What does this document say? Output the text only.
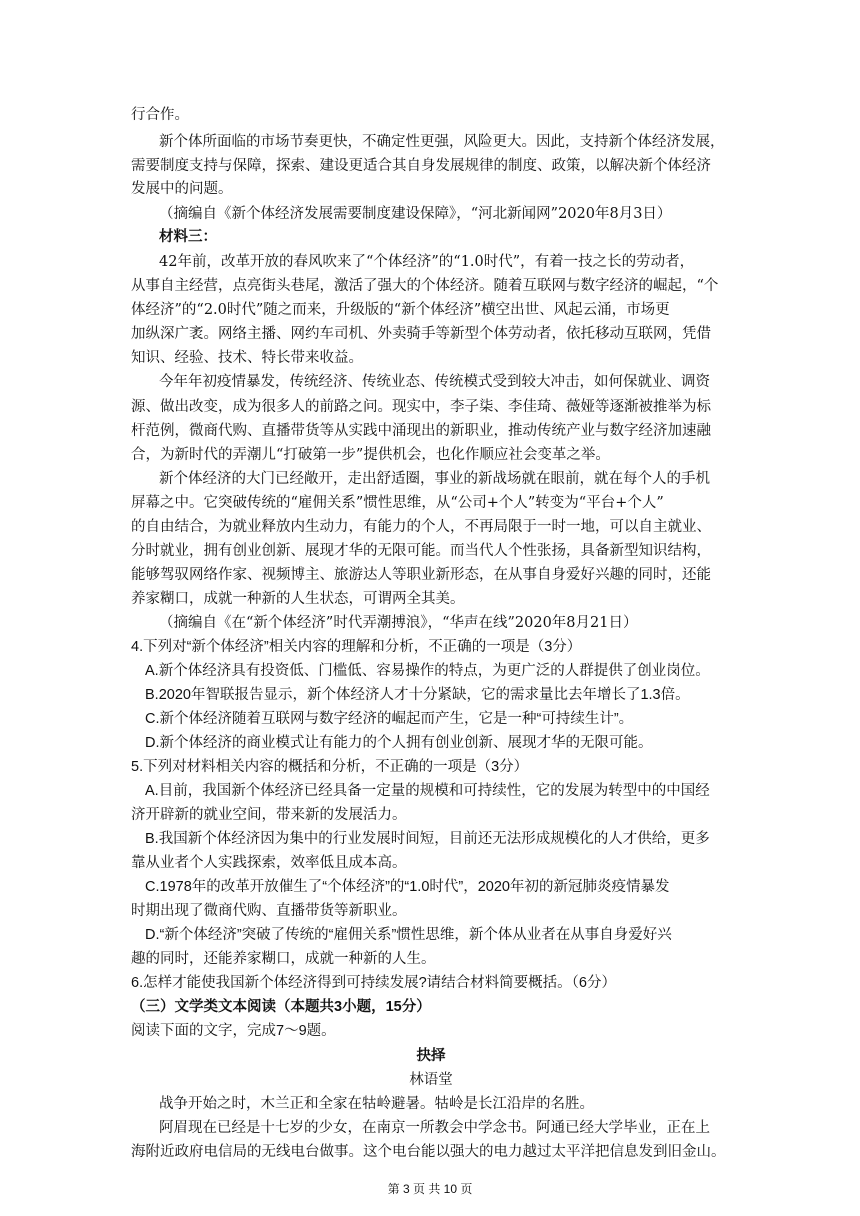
行合作。
新个体所面临的市场节奏更快，不确定性更强，风险更大。因此，支持新个体经济发展，
需要制度支持与保障，探索、建设更适合其自身发展规律的制度、政策，以解决新个体经济
发展中的问题。
（摘编自《新个体经济发展需要制度建设保障》，“河北新闻网”2020年8月3日）
材料三：
42年前，改革开放的春风吹来了“个体经济”的“1.0时代”，有着一技之长的劳动者，
从事自主经营，点亮街头巷尾，激活了强大的个体经济。随着互联网与数字经济的崛起，“个
体经济”的“2.0时代”随之而来，升级版的“新个体经济”横空出世、风起云涌，市场更
加纵深广袤。网络主播、网约车司机、外卖骑手等新型个体劳动者，依托移动互联网，凭借
知识、经验、技术、特长带来收益。
今年年初疫情暴发，传统经济、传统业态、传统模式受到较大冲击，如何保就业、调资
源、做出改变，成为很多人的前路之问。现实中，李子柒、李佳琦、薇娅等逐渐被推举为标
杆范例，微商代购、直播带货等从实践中涌现出的新职业，推动传统产业与数字经济加速融
合，为新时代的弄潮儿“打破第一步”提供机会，也化作顺应社会变革之举。
新个体经济的大门已经敞开，走出舒适圈，事业的新战场就在眼前，就在每个人的手机
屏幕之中。它突破传统的“雇佣关系”惯性思维，从“公司+个人”转变为“平台+个人”
的自由结合，为就业释放内生动力，有能力的个人，不再局限于一时一地，可以自主就业、
分时就业，拥有创业创新、展现才华的无限可能。而当代人个性张扬，具备新型知识结构，
能够驾驭网络作家、视频博主、旅游达人等职业新形态，在从事自身爱好兴趣的同时，还能
养家糊口，成就一种新的人生状态，可谓两全其美。
（摘编自《在“新个体经济”时代弄潮搏浪》，“华声在线”2020年8月21日）
4.下列对“新个体经济”相关内容的理解和分析，不正确的一项是（3分）
A.新个体经济具有投资低、门槛低、容易操作的特点，为更广泛的人群提供了创业岗位。
B.2020年智联报告显示，新个体经济人才十分紧缺，它的需求量比去年增长了1.3倍。
C.新个体经济随着互联网与数字经济的崛起而产生，它是一种“可持续生计”。
D.新个体经济的商业模式让有能力的个人拥有创业创新、展现才华的无限可能。
5.下列对材料相关内容的概括和分析，不正确的一项是（3分）
A.目前，我国新个体经济已经具备一定量的规模和可持续性，它的发展为转型中的中国经
济开辟新的就业空间，带来新的发展活力。
B.我国新个体经济因为集中的行业发展时间短，目前还无法形成规模化的人才供给，更多
靠从业者个人实践探索，效率低且成本高。
C.1978年的改革开放催生了“个体经济”的“1.0时代”，2020年初的新冠肺炎疫情暴发
时期出现了微商代购、直播带货等新职业。
D.“新个体经济”突破了传统的“雇佣关系”惯性思维，新个体从业者在从事自身爱好兴
趣的同时，还能养家糊口，成就一种新的人生。
6.怎样才能使我国新个体经济得到可持续发展?请结合材料简要概括。（6分）
（三）文学类文本阅读（本题共3小题，15分）
阅读下面的文字，完成7～9题。
抉择
林语堂
战争开始之时，木兰正和全家在牯岭避暑。牯岭是长江沿岸的名胜。
阿眉现在已经是十七岁的少女，在南京一所教会中学念书。阿通已经大学毕业，正在上
海附近政府电信局的无线电台做事。这个电台能以强大的电力越过太平洋把信息发到旧金山。
第 3 页 共 10 页
